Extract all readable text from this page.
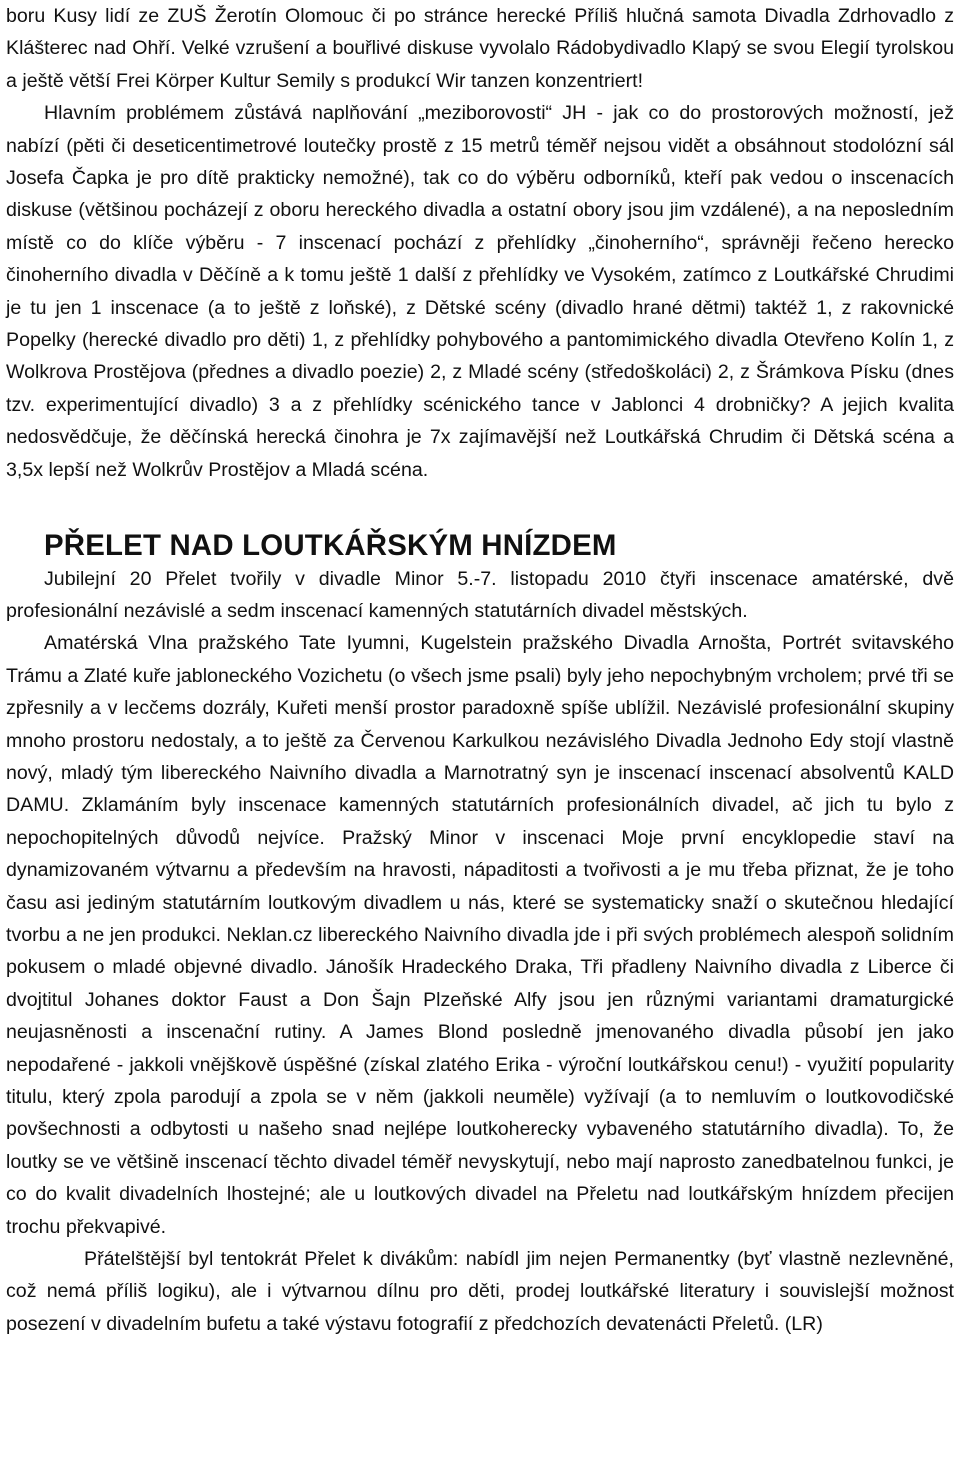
boru Kusy lidí ze ZUŠ Žerotín Olomouc či po stránce herecké Příliš hlučná samota Divadla Zdrhovadlo z Klášterec nad Ohří. Velké vzrušení a bouřlivé diskuse vyvolalo Rádobydivadlo Klapý se svou Elegií tyrolskou a ještě větší Frei Körper Kultur Semily s produkcí Wir tanzen konzentriert!

Hlavním problémem zůstává naplňování „meziborovosti“ JH - jak co do prostorových možností, jež nabízí (pěti či deseticentimetrové loutečky prostě z 15 metrů téměř nejsou vidět a obsáhnout stodolózní sál Josefa Čapka je pro dítě prakticky nemožné), tak co do výběru odborníků, kteří pak vedou o inscenacích diskuse (většinou pocházejí z oboru hereckého divadla a ostatní obory jsou jim vzdálené), a na neposledním místě co do klíče výběru - 7 inscenací pochází z přehlídky „činoherního“, správněji řečeno herecko činoherního divadla v Děčíně a k tomu ještě 1 další z přehlídky ve Vysokém, zatímco z Loutkářské Chrudimi je tu jen 1 inscenace (a to ještě z loňské), z Dětské scény (divadlo hrané dětmi) taktéž 1, z rakovnické Popelky (herecké divadlo pro děti) 1, z přehlídky pohybového a pantomimického divadla Otevřeno Kolín 1, z Wolkrova Prostějova (přednes a divadlo poezie) 2, z Mladé scény (středoškoláci) 2, z Šrámkova Písku (dnes tzv. experimentující divadlo) 3 a z přehlídky scénického tance v Jablonci 4 drobničky? A jejich kvalita nedosvědčuje, že děčínská herecká činohra je 7x zajímavější než Loutkářská Chrudim či Dětská scéna a 3,5x lepší než Wolkrův Prostějov a Mladá scéna.

PŘELET NAD LOUTKÁŘSKÝM HNÍZDEM

Jubilejní 20 Přelet tvořily v divadle Minor 5.-7. listopadu 2010 čtyři inscenace amatérské, dvě profesionální nezávislé a sedm inscenací kamenných statutárních divadel městských.

Amatérská Vlna pražského Tate Iyumni, Kugelstein pražského Divadla Arnošta, Portrét svitavského Trámu a Zlaté kuře jabloneckého Vozichetu (o všech jsme psali) byly jeho nepochybným vrcholem; prvé tři se zpřesnily a v lecčems dozrály, Kuřeti menší prostor paradoxně spíše ublížil. Nezávislé profesionální skupiny mnoho prostoru nedostaly, a to ještě za Červenou Karkulkou nezávislého Divadla Jednoho Edy stojí vlastně nový, mladý tým libereckého Naivního divadla a Marnotratný syn je inscenací inscenací absolventů KALD DAMU. Zklamáním byly inscenace kamenných statutárních profesionálních divadel, ač jich tu bylo z nepochopitelných důvodů nejvíce. Pražský Minor v inscenaci Moje první encyklopedie staví na dynamizovaném výtvarnu a především na hravosti, nápaditosti a tvořivosti a je mu třeba přiznat, že je toho času asi jediným statutárním loutkovým divadlem u nás, které se systematicky snaží o skutečnou hledající tvorbu a ne jen produkci. Neklan.cz libereckého Naivního divadla jde i při svých problémech alespoň solidním pokusem o mladé objevné divadlo. Jánošík Hradeckého Draka, Tři přadleny Naivního divadla z Liberce či dvojtitul Johanes doktor Faust a Don Šajn Plzeňské Alfy jsou jen různými variantami dramaturgické neujasněnosti a inscenační rutiny. A James Blond posledně jmenovaného divadla působí jen jako nepodařené - jakkoli vnějškově úspěšné (získal zlatého Erika - výroční loutkářskou cenu!) - využití popularity titulu, který zpola parodují a zpola se v něm (jakkoli neuměle) vyžívají (a to nemluvím o loutkovodičské povšechnosti a odbytosti u našeho snad nejlépe loutkoherecky vybaveného statutárního divadla). To, že loutky se ve většině inscenací těchto divadel téměř nevyskytují, nebo mají naprosto zanedbatelnou funkci, je co do kvalit divadelních lhostejné; ale u loutkových divadel na Přeletu nad loutkářským hnízdem přecijen trochu překvapivé.

Přátelštější byl tentokrát Přelet k divákům: nabídl jim nejen Permanentky (byť vlastně nezlevněné, což nemá příliš logiku), ale i výtvarnou dílnu pro děti, prodej loutkářské literatury i souvislejší možnost posezení v divadelním bufetu a také výstavu fotografií z předchozích devatenácti Přeletů. (LR)
